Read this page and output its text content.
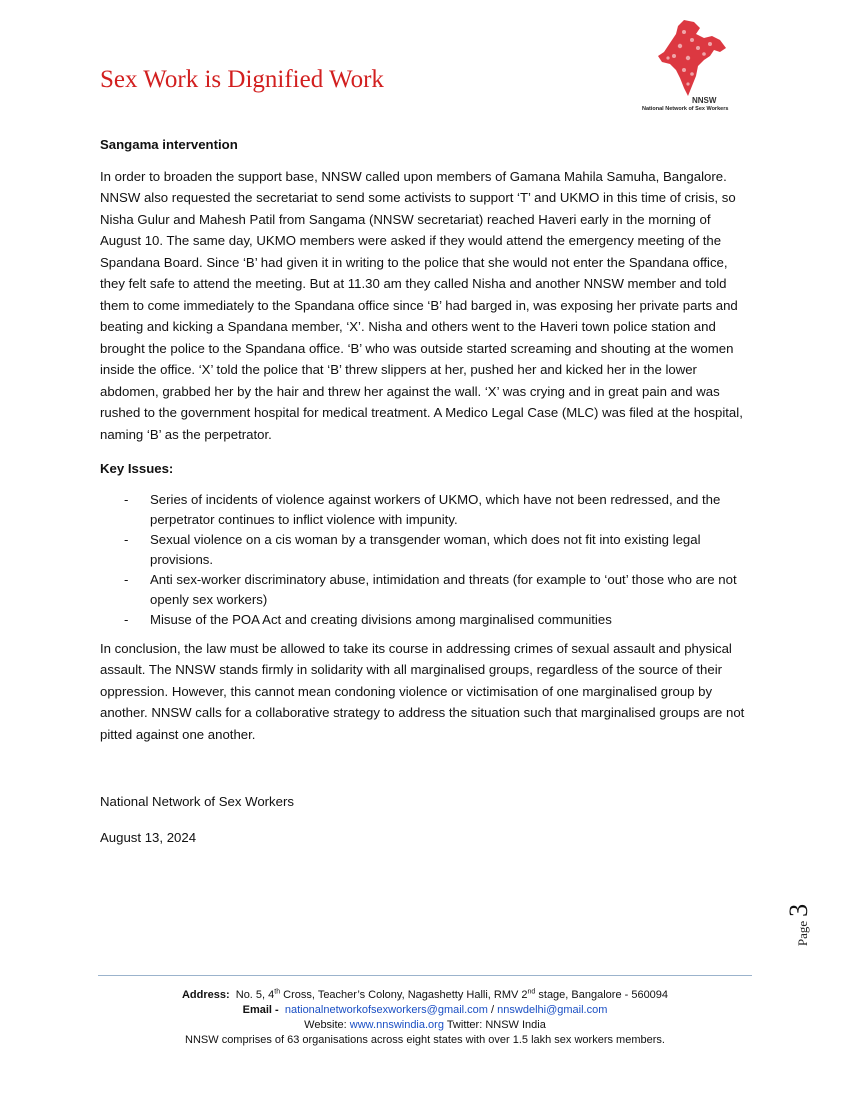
Sex Work is Dignified Work
NNSW
National Network of Sex Workers

Sangama intervention

In order to broaden the support base, NNSW called upon members of Gamana Mahila Samuha, Bangalore. NNSW also requested the secretariat to send some activists to support ‘T’ and UKMO in this time of crisis, so Nisha Gulur and Mahesh Patil from Sangama (NNSW secretariat) reached Haveri early in the morning of August 10. The same day, UKMO members were asked if they would attend the emergency meeting of the Spandana Board. Since ‘B’ had given it in writing to the police that she would not enter the Spandana office, they felt safe to attend the meeting. But at 11.30 am they called Nisha and another NNSW member and told them to come immediately to the Spandana office since ‘B’ had barged in, was exposing her private parts and beating and kicking a Spandana member, ‘X’. Nisha and others went to the Haveri town police station and brought the police to the Spandana office. ‘B’ who was outside started screaming and shouting at the women inside the office. ‘X’ told the police that ‘B’ threw slippers at her, pushed her and kicked her in the lower abdomen, grabbed her by the hair and threw her against the wall. ‘X’ was crying and in great pain and was rushed to the government hospital for medical treatment. A Medico Legal Case (MLC) was filed at the hospital, naming ‘B’ as the perpetrator.

Key Issues:

- Series of incidents of violence against workers of UKMO, which have not been redressed, and the perpetrator continues to inflict violence with impunity.
- Sexual violence on a cis woman by a transgender woman, which does not fit into existing legal provisions.
- Anti sex-worker discriminatory abuse, intimidation and threats (for example to ‘out’ those who are not openly sex workers)
- Misuse of the POA Act and creating divisions among marginalised communities

In conclusion, the law must be allowed to take its course in addressing crimes of sexual assault and physical assault. The NNSW stands firmly in solidarity with all marginalised groups, regardless of the source of their oppression. However, this cannot mean condoning violence or victimisation of one marginalised group by another. NNSW calls for a collaborative strategy to address the situation such that marginalised groups are not pitted against one another.

National Network of Sex Workers

August 13, 2024

Page 3
Address: No. 5, 4th Cross, Teacher’s Colony, Nagashetty Halli, RMV 2nd stage, Bangalore - 560094
Email - nationalnetworkofsexworkers@gmail.com / nnswdelhi@gmail.com
Website: www.nnswindia.org Twitter: NNSW India
NNSW comprises of 63 organisations across eight states with over 1.5 lakh sex workers members.
